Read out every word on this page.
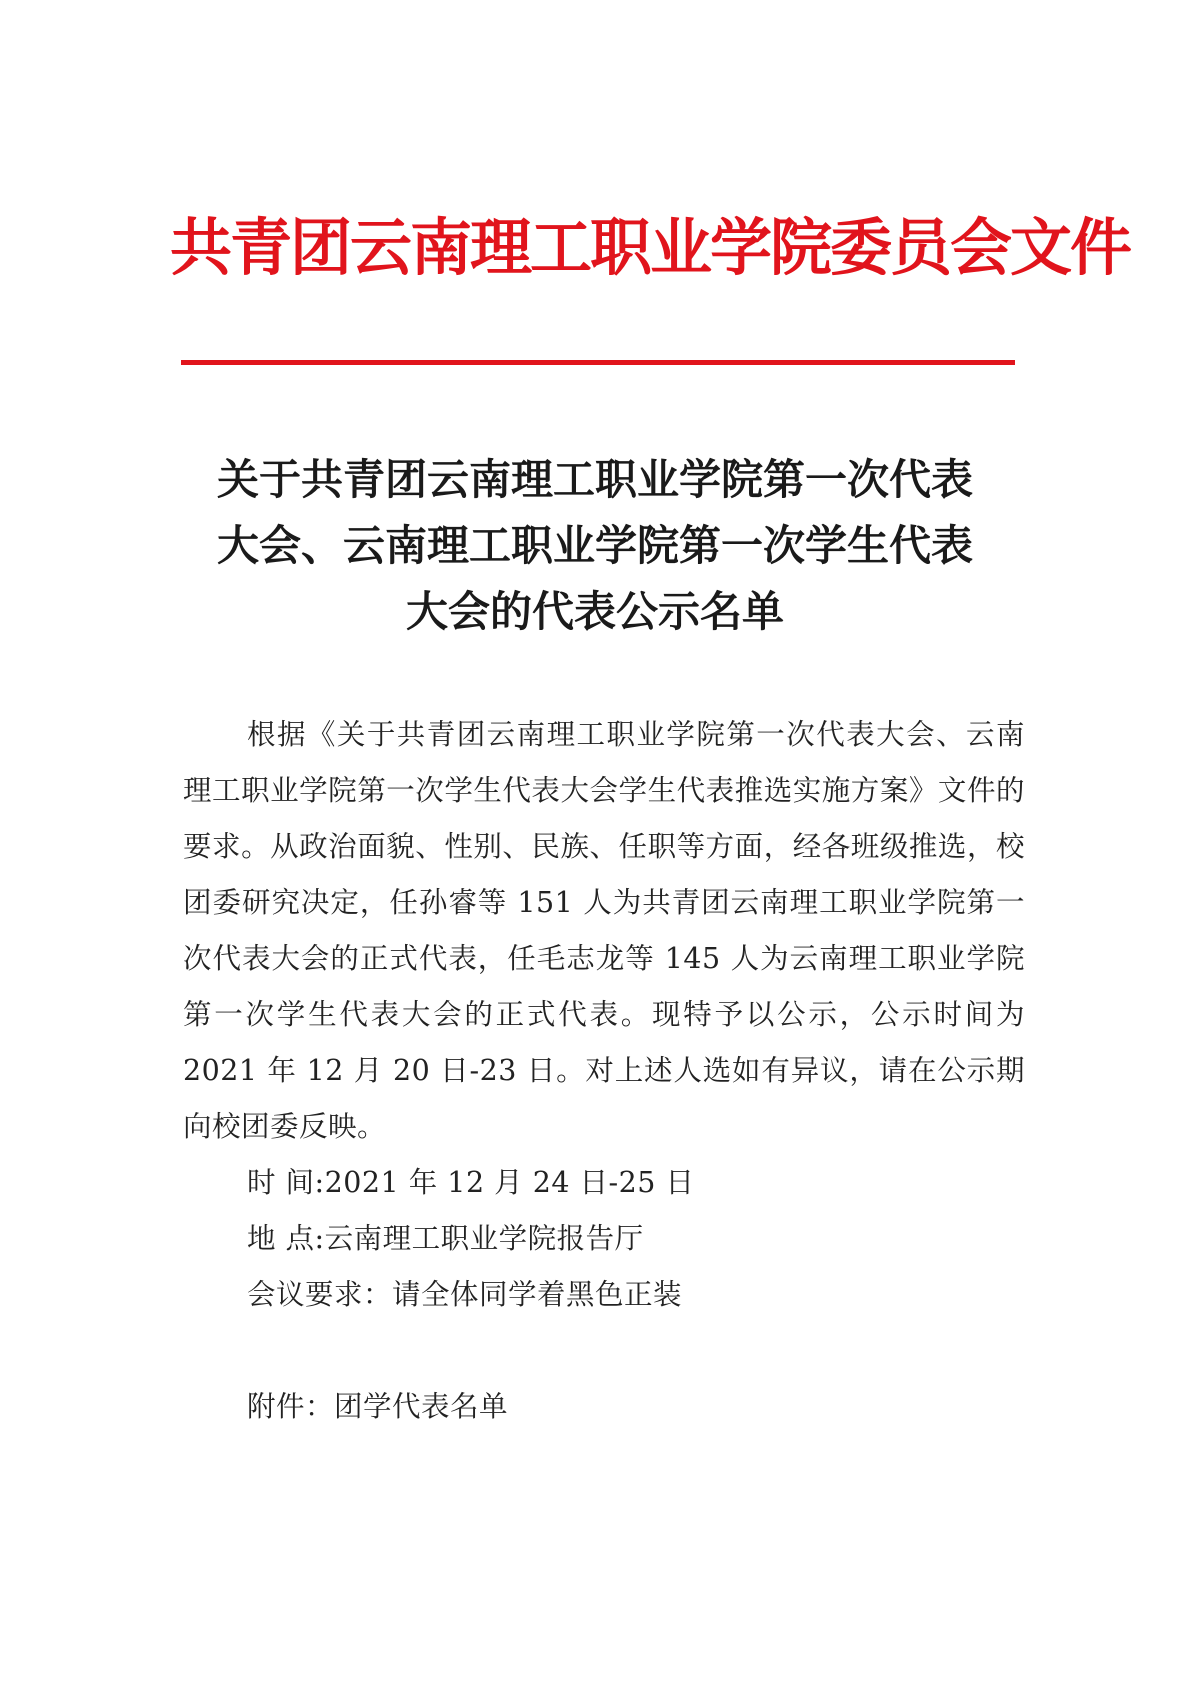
共青团云南理工职业学院委员会文件
关于共青团云南理工职业学院第一次代表
大会、云南理工职业学院第一次学生代表
大会的代表公示名单

根据《关于共青团云南理工职业学院第一次代表大会、云南理工职业学院第一次学生代表大会学生代表推选实施方案》文件的要求。从政治面貌、性别、民族、任职等方面，经各班级推选，校团委研究决定，任孙睿等 151 人为共青团云南理工职业学院第一次代表大会的正式代表，任毛志龙等 145 人为云南理工职业学院第一次学生代表大会的正式代表。现特予以公示，公示时间为 2021 年 12 月 20 日-23 日。对上述人选如有异议，请在公示期向校团委反映。

时 间:2021 年 12 月 24 日-25 日

地 点:云南理工职业学院报告厅

会议要求：请全体同学着黑色正装

附件：团学代表名单
